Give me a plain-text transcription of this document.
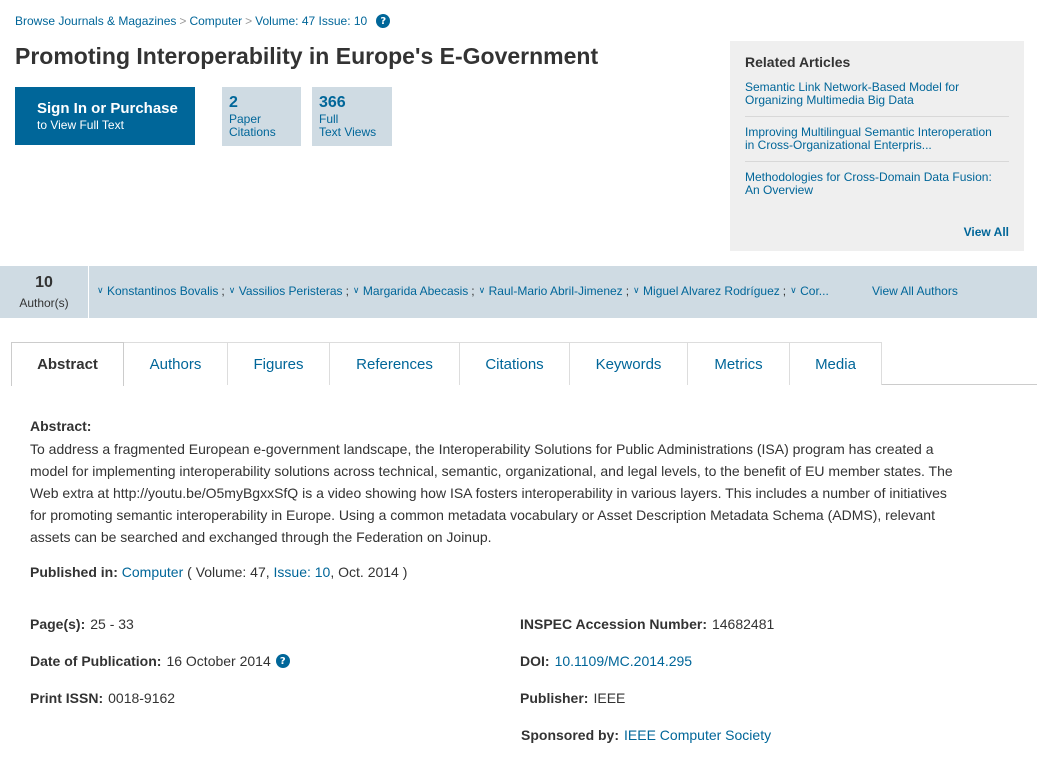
Browse Journals & Magazines > Computer > Volume: 47 Issue: 10	?
Promoting Interoperability in Europe's E-Government
Sign In or Purchase
to View Full Text
2
Paper
Citations
366
Full
Text Views
Related Articles
Semantic Link Network-Based Model for
Organizing Multimedia Big Data
Improving Multilingual Semantic Interoperation
in Cross-Organizational Enterpris...
Methodologies for Cross-Domain Data Fusion:
An Overview
View All
10
Author(s)
∨ Konstantinos Bovalis ; ∨ Vassilios Peristeras ; ∨ Margarida Abecasis ; ∨ Raul-Mario Abril-Jimenez ; ∨ Miguel Alvarez Rodríguez ; ∨ Cor...	View All Authors
Abstract	Authors	Figures	References	Citations	Keywords	Metrics	Media
Abstract:
To address a fragmented European e-government landscape, the Interoperability Solutions for Public Administrations (ISA) program has created a
model for implementing interoperability solutions across technical, semantic, organizational, and legal levels, to the benefit of EU member states. The
Web extra at http://youtu.be/O5myBgxxSfQ is a video showing how ISA fosters interoperability in various layers. This includes a number of initiatives
for promoting semantic interoperability in Europe. Using a common metadata vocabulary or Asset Description Metadata Schema (ADMS), relevant
assets can be searched and exchanged through the Federation on Joinup.
Published in: Computer ( Volume: 47, Issue: 10, Oct. 2014 )
Page(s): 25 - 33
Date of Publication: 16 October 2014 ?
Print ISSN: 0018-9162
INSPEC Accession Number: 14682481
DOI: 10.1109/MC.2014.295
Publisher: IEEE
Sponsored by: IEEE Computer Society
